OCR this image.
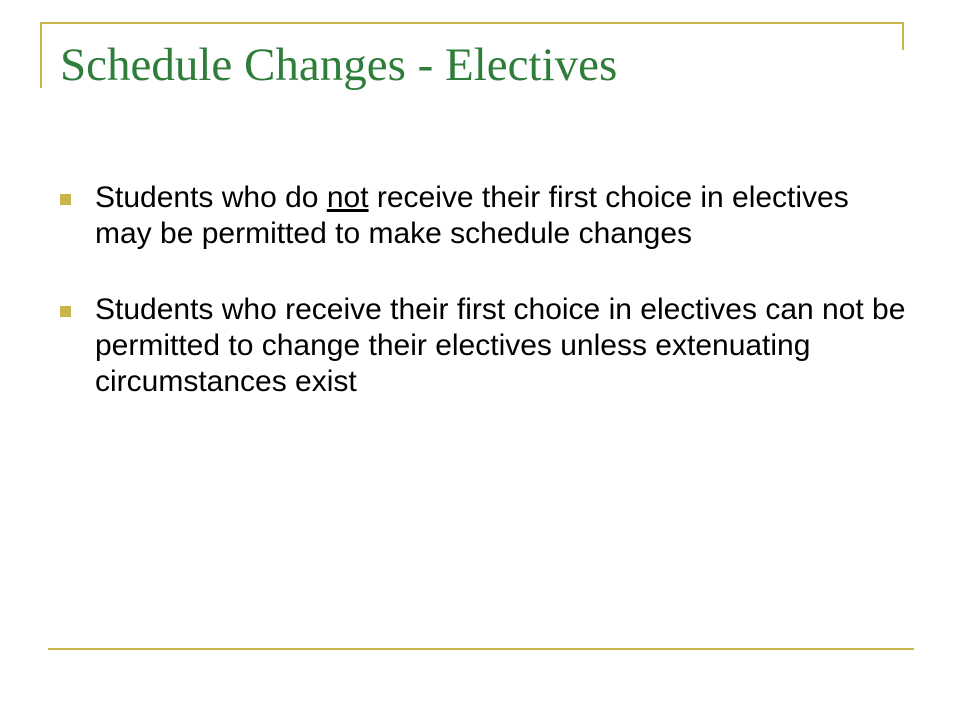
Schedule Changes - Electives
Students who do not receive their first choice in electives may be permitted to make schedule changes
Students who receive their first choice in electives can not be permitted to change their electives unless extenuating circumstances exist
